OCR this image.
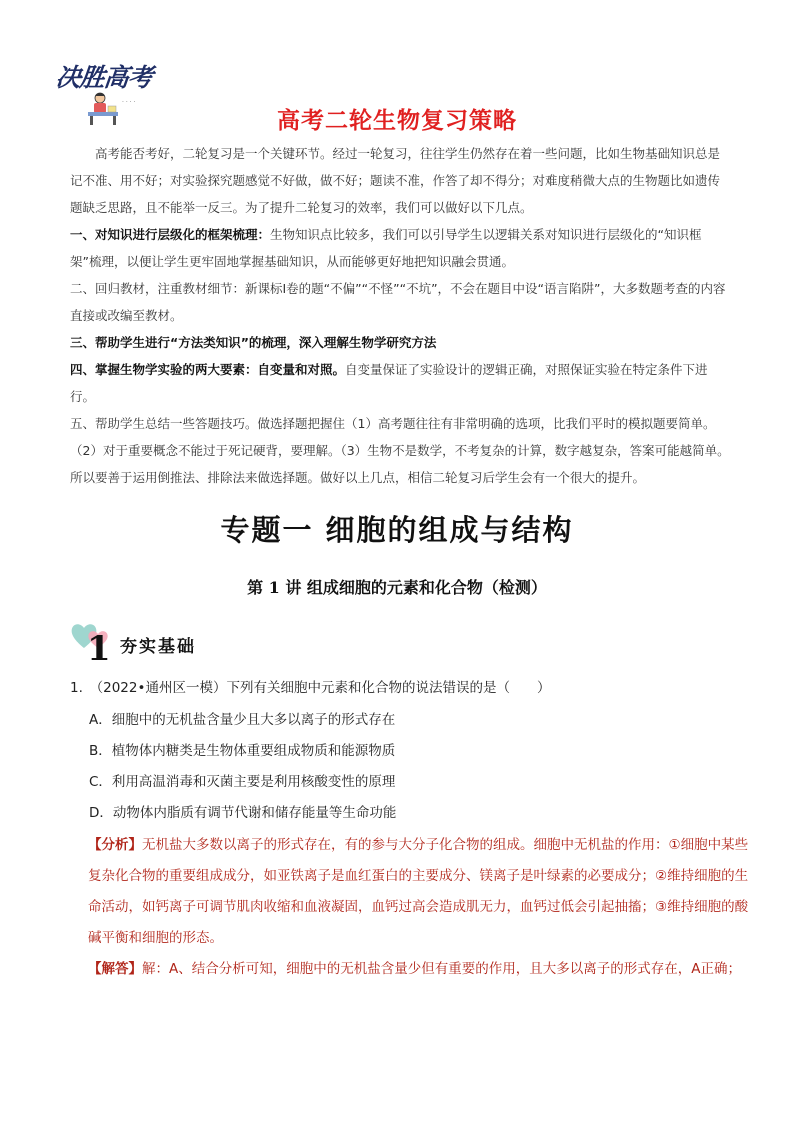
决胜高考
· · · ·
高考二轮生物复习策略

高考能否考好，二轮复习是一个关键环节。经过一轮复习，往往学生仍然存在着一些问题，比如生物基础知识总是记不准、用不好；对实验探究题感觉不好做，做不好；题读不准，作答了却不得分；对难度稍微大点的生物题比如遗传题缺乏思路，且不能举一反三。为了提升二轮复习的效率，我们可以做好以下几点。

一、对知识进行层级化的框架梳理：生物知识点比较多，我们可以引导学生以逻辑关系对知识进行层级化的“知识框架”梳理，以便让学生更牢固地掌握基础知识，从而能够更好地把知识融会贯通。

二、回归教材，注重教材细节：新课标Ⅰ卷的题“不偏”“不怪”“不坑”，不会在题目中设“语言陷阱”，大多数题考查的内容直接或改编至教材。

三、帮助学生进行“方法类知识”的梳理，深入理解生物学研究方法

四、掌握生物学实验的两大要素：自变量和对照。自变量保证了实验设计的逻辑正确，对照保证实验在特定条件下进行。

五、帮助学生总结一些答题技巧。做选择题把握住（1）高考题往往有非常明确的选项，比我们平时的模拟题要简单。（2）对于重要概念不能过于死记硬背，要理解。（3）生物不是数学，不考复杂的计算，数字越复杂，答案可能越简单。所以要善于运用倒推法、排除法来做选择题。做好以上几点，相信二轮复习后学生会有一个很大的提升。

专题一 细胞的组成与结构
第 1 讲 组成细胞的元素和化合物（检测）
1 夯实基础
1.　（2022•通州区一模）下列有关细胞中元素和化合物的说法错误的是（　　）
A．细胞中的无机盐含量少且大多以离子的形式存在
B．植物体内糖类是生物体重要组成物质和能源物质
C．利用高温消毒和灭菌主要是利用核酸变性的原理
D．动物体内脂质有调节代谢和储存能量等生命功能

【分析】无机盐大多数以离子的形式存在，有的参与大分子化合物的组成。细胞中无机盐的作用：①细胞中某些复杂化合物的重要组成成分，如亚铁离子是血红蛋白的主要成分、镁离子是叶绿素的必要成分；②维持细胞的生命活动，如钙离子可调节肌肉收缩和血液凝固，血钙过高会造成肌无力，血钙过低会引起抽搐；③维持细胞的酸碱平衡和细胞的形态。

【解答】解：A、结合分析可知，细胞中的无机盐含量少但有重要的作用，且大多以离子的形式存在，A正确；
